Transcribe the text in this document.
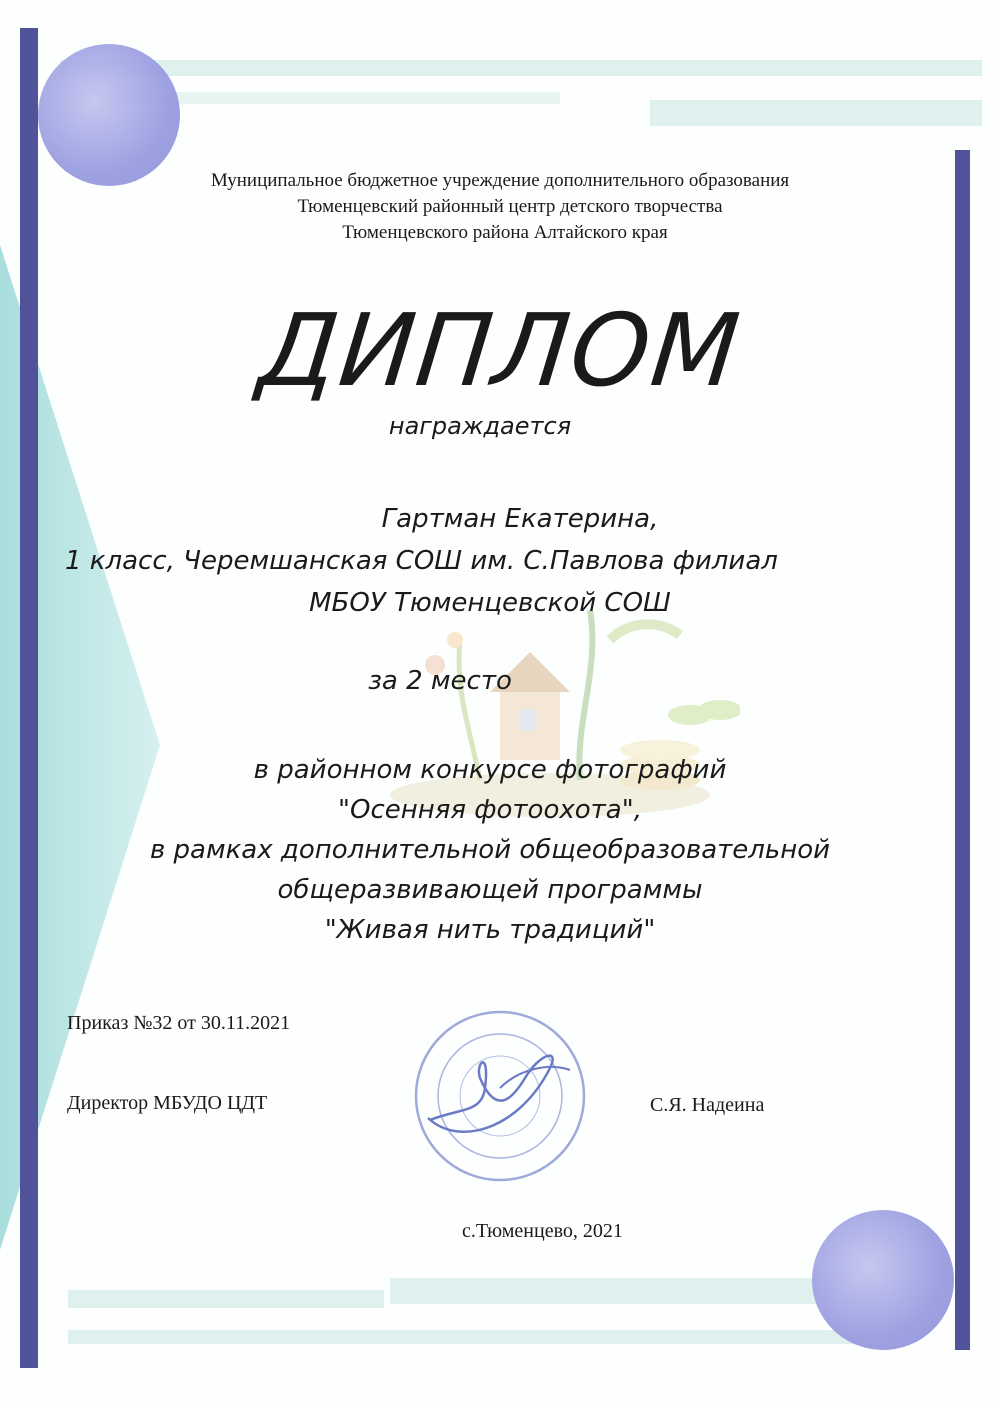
Муниципальное бюджетное учреждение дополнительного образования
Тюменцевский районный центр детского творчества
Тюменцевского района Алтайского края
ДИПЛОМ
награждается
Гартман Екатерина,
1 класс, Черемшанская СОШ им. С.Павлова филиал
МБОУ Тюменцевской СОШ
за 2 место
в районном конкурсе фотографий
"Осенняя фотоохота",
в рамках дополнительной общеобразовательной
общеразвивающей программы
"Живая нить традиций"
Приказ №32 от 30.11.2021
Директор МБУДО ЦДТ	С.Я. Надеина
с.Тюменцево, 2021
